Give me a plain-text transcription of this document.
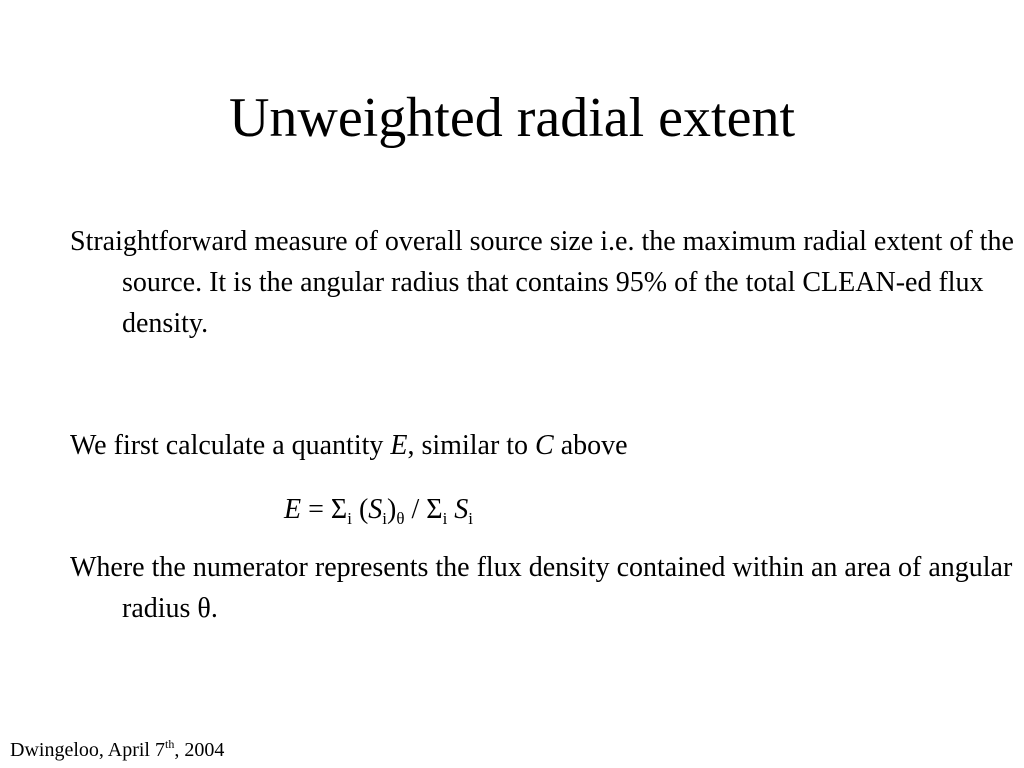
Unweighted radial extent

Straightforward measure of overall source size i.e. the maximum radial extent of the source. It is the angular radius that contains 95% of the total CLEAN-ed flux density.

We first calculate a quantity E, similar to C above

$E = \Sigma_i$ $(S_i)_\theta / \Sigma_i$ $S_i$

Where the numerator represents the flux density contained within an area of angular radius θ.

Dwingeloo, April 7th, 2004
